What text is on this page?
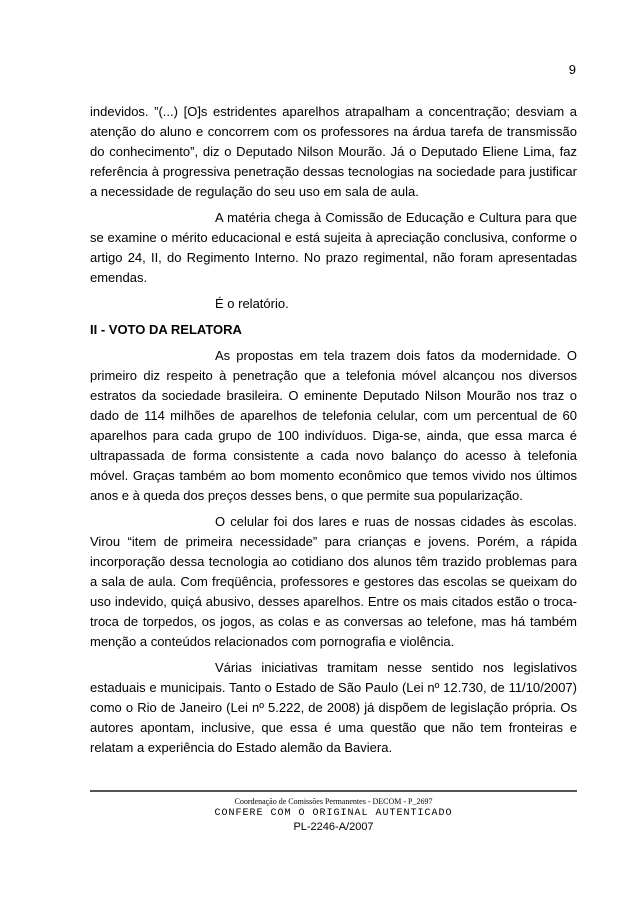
9

indevidos. ”(...) [O]s estridentes aparelhos atrapalham a concentração; desviam a atenção do aluno e concorrem com os professores na árdua tarefa de transmissão do conhecimento”, diz o Deputado Nilson Mourão. Já o Deputado Eliene Lima, faz referência à progressiva penetração dessas tecnologias na sociedade para justificar a necessidade de regulação do seu uso em sala de aula.

A matéria chega à Comissão de Educação e Cultura para que se examine o mérito educacional e está sujeita à apreciação conclusiva, conforme o artigo 24, II, do Regimento Interno. No prazo regimental, não foram apresentadas emendas.

É o relatório.

II - VOTO DA RELATORA

As propostas em tela trazem dois fatos da modernidade. O primeiro diz respeito à penetração que a telefonia móvel alcançou nos diversos estratos da sociedade brasileira. O eminente Deputado Nilson Mourão nos traz o dado de 114 milhões de aparelhos de telefonia celular, com um percentual de 60 aparelhos para cada grupo de 100 indivíduos. Diga-se, ainda, que essa marca é ultrapassada de forma consistente a cada novo balanço do acesso à telefonia móvel. Graças também ao bom momento econômico que temos vivido nos últimos anos e à queda dos preços desses bens, o que permite sua popularização.

O celular foi dos lares e ruas de nossas cidades às escolas. Virou “item de primeira necessidade” para crianças e jovens. Porém, a rápida incorporação dessa tecnologia ao cotidiano dos alunos têm trazido problemas para a sala de aula. Com freqüência, professores e gestores das escolas se queixam do uso indevido, quiçá abusivo, desses aparelhos. Entre os mais citados estão o troca-troca de torpedos, os jogos, as colas e as conversas ao telefone, mas há também menção a conteúdos relacionados com pornografia e violência.

Várias iniciativas tramitam nesse sentido nos legislativos estaduais e municipais. Tanto o Estado de São Paulo (Lei nº 12.730, de 11/10/2007) como o Rio de Janeiro (Lei nº 5.222, de 2008) já dispõem de legislação própria. Os autores apontam, inclusive, que essa é uma questão que não tem fronteiras e relatam a experiência do Estado alemão da Baviera.

Coordenação de Comissões Permanentes - DECOM - P_2697
CONFERE COM O ORIGINAL AUTENTICADO
PL-2246-A/2007
